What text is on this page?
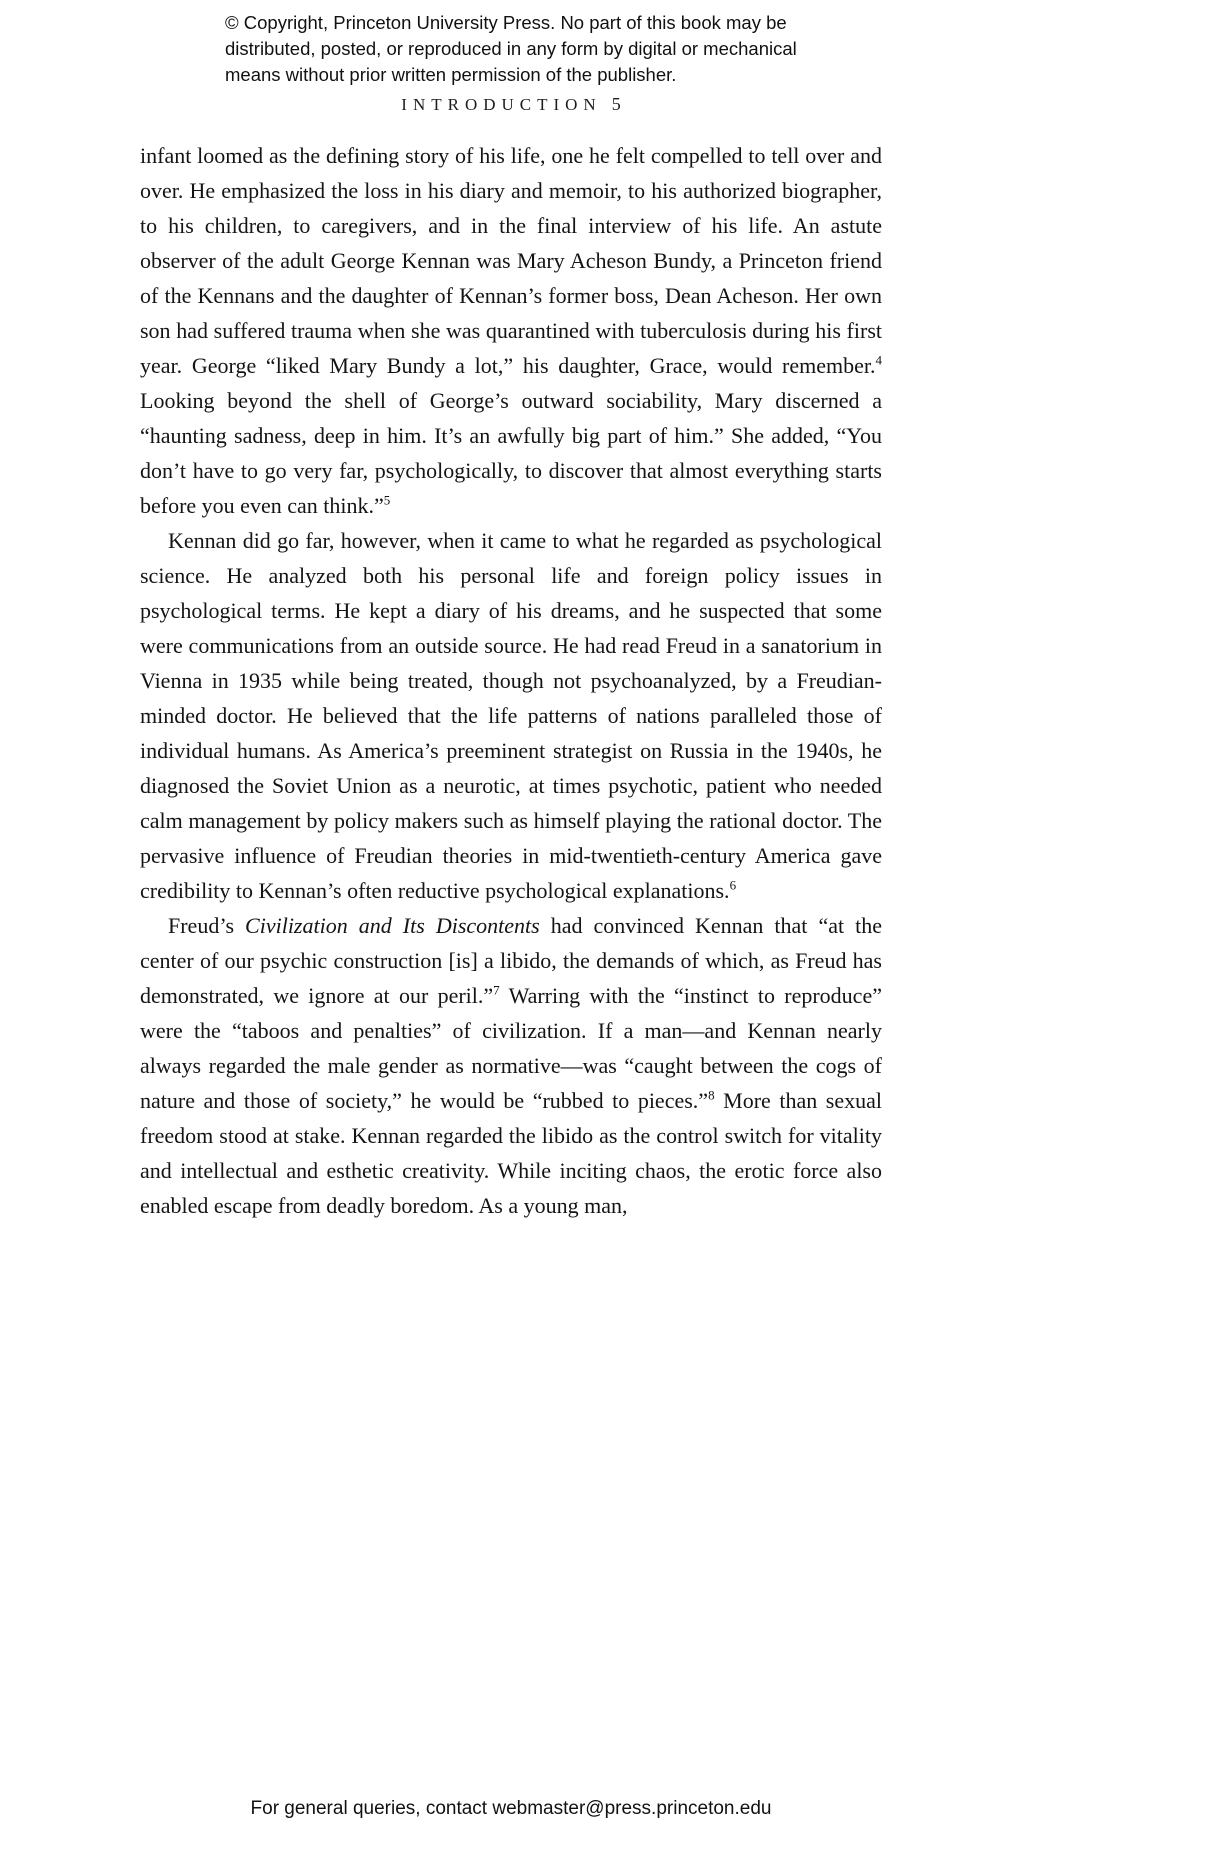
© Copyright, Princeton University Press. No part of this book may be distributed, posted, or reproduced in any form by digital or mechanical means without prior written permission of the publisher.
INTRODUCTION 5

infant loomed as the defining story of his life, one he felt compelled to tell over and over. He emphasized the loss in his diary and memoir, to his authorized biographer, to his children, to caregivers, and in the final interview of his life. An astute observer of the adult George Kennan was Mary Acheson Bundy, a Princeton friend of the Kennans and the daughter of Kennan’s former boss, Dean Acheson. Her own son had suffered trauma when she was quarantined with tuberculosis during his first year. George “liked Mary Bundy a lot,” his daughter, Grace, would remember.$^4$ Looking beyond the shell of George’s outward sociability, Mary discerned a “haunting sadness, deep in him. It’s an awfully big part of him.” She added, “You don’t have to go very far, psychologically, to discover that almost everything starts before you even can think.”$^5$

Kennan did go far, however, when it came to what he regarded as psychological science. He analyzed both his personal life and foreign policy issues in psychological terms. He kept a diary of his dreams, and he suspected that some were communications from an outside source. He had read Freud in a sanatorium in Vienna in 1935 while being treated, though not psychoanalyzed, by a Freudian-minded doctor. He believed that the life patterns of nations paralleled those of individual humans. As America’s preeminent strategist on Russia in the 1940s, he diagnosed the Soviet Union as a neurotic, at times psychotic, patient who needed calm management by policy makers such as himself playing the rational doctor. The pervasive influence of Freudian theories in mid-twentieth-century America gave credibility to Kennan’s often reductive psychological explanations.$^6$

Freud’s Civilization and Its Discontents had convinced Kennan that “at the center of our psychic construction [is] a libido, the demands of which, as Freud has demonstrated, we ignore at our peril.”$^7$ Warring with the “instinct to reproduce” were the “taboos and penalties” of civilization. If a man—and Kennan nearly always regarded the male gender as normative—was “caught between the cogs of nature and those of society,” he would be “rubbed to pieces.”$^8$ More than sexual freedom stood at stake. Kennan regarded the libido as the control switch for vitality and intellectual and esthetic creativity. While inciting chaos, the erotic force also enabled escape from deadly boredom. As a young man,

For general queries, contact webmaster@press.princeton.edu
